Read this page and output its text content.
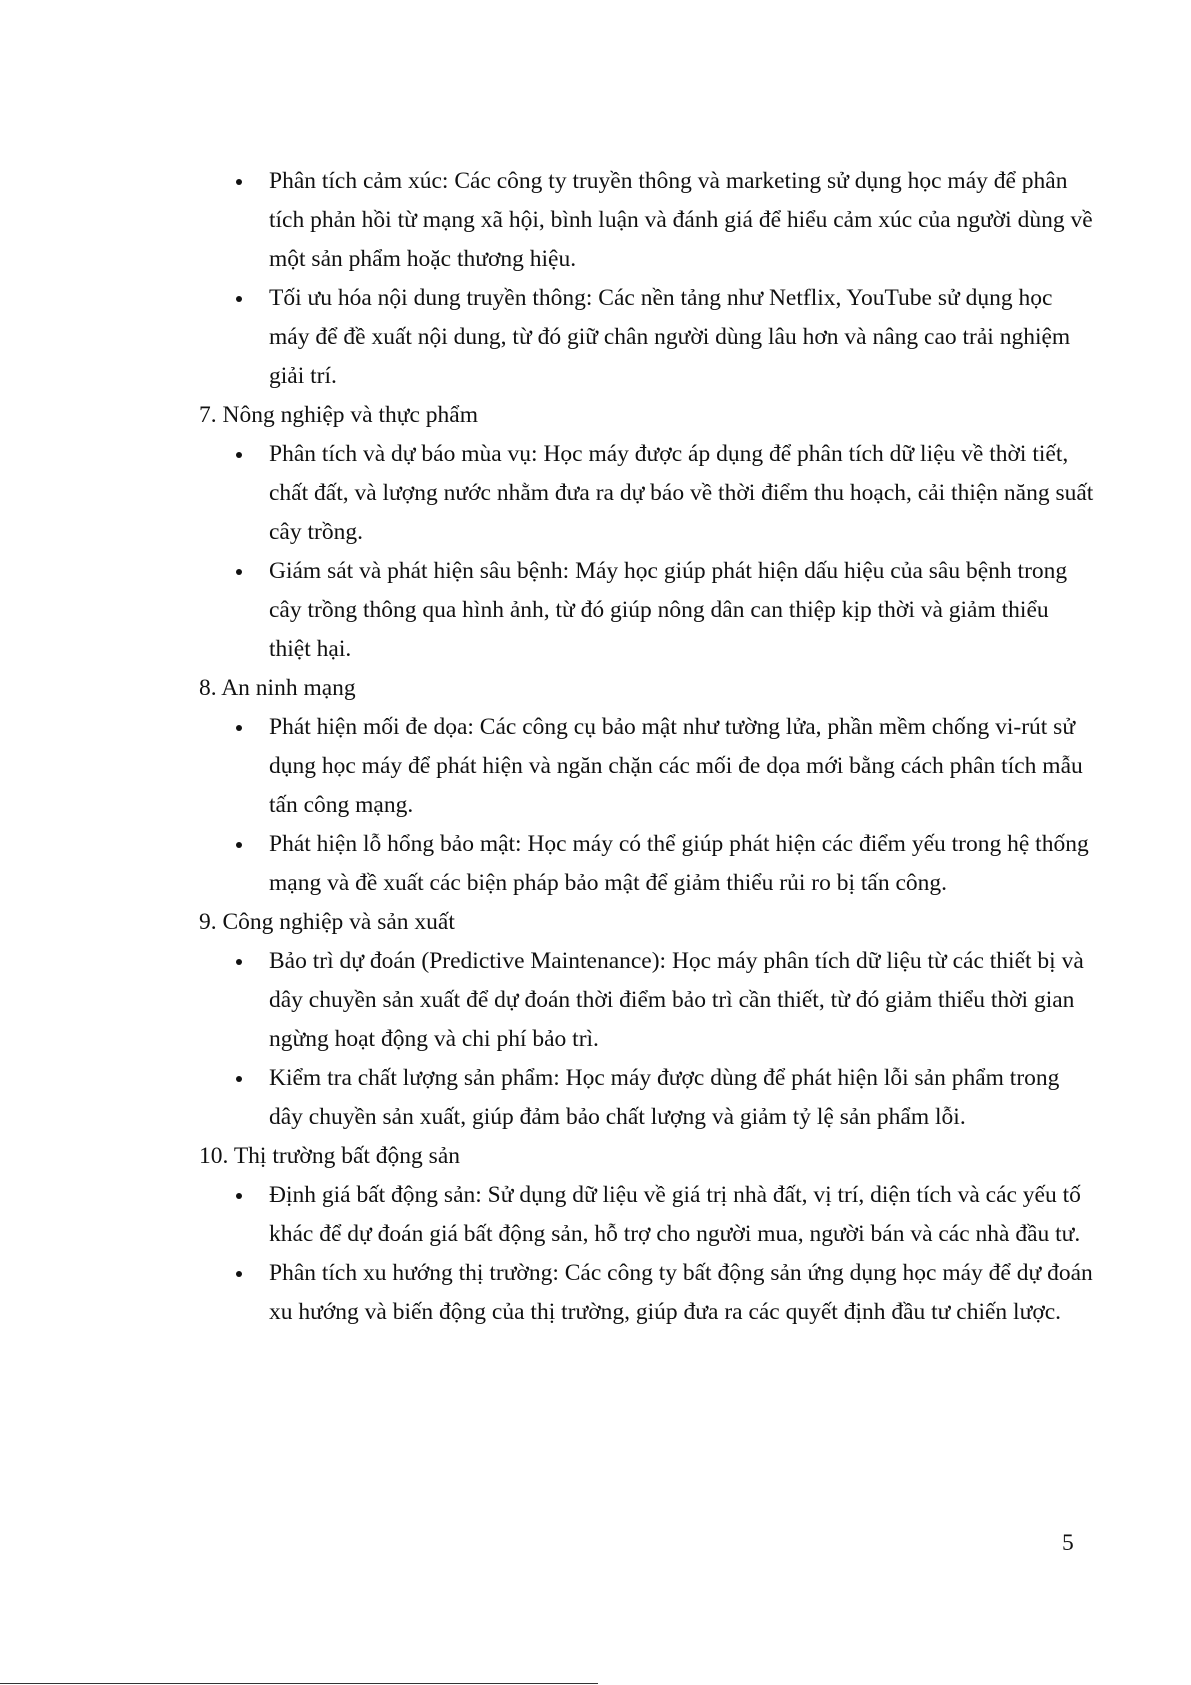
Phân tích cảm xúc: Các công ty truyền thông và marketing sử dụng học máy để phân tích phản hồi từ mạng xã hội, bình luận và đánh giá để hiểu cảm xúc của người dùng về một sản phẩm hoặc thương hiệu.
Tối ưu hóa nội dung truyền thông: Các nền tảng như Netflix, YouTube sử dụng học máy để đề xuất nội dung, từ đó giữ chân người dùng lâu hơn và nâng cao trải nghiệm giải trí.

7. Nông nghiệp và thực phẩm

Phân tích và dự báo mùa vụ: Học máy được áp dụng để phân tích dữ liệu về thời tiết, chất đất, và lượng nước nhằm đưa ra dự báo về thời điểm thu hoạch, cải thiện năng suất cây trồng.
Giám sát và phát hiện sâu bệnh: Máy học giúp phát hiện dấu hiệu của sâu bệnh trong cây trồng thông qua hình ảnh, từ đó giúp nông dân can thiệp kịp thời và giảm thiểu thiệt hại.

8. An ninh mạng

Phát hiện mối đe dọa: Các công cụ bảo mật như tường lửa, phần mềm chống vi-rút sử dụng học máy để phát hiện và ngăn chặn các mối đe dọa mới bằng cách phân tích mẫu tấn công mạng.
Phát hiện lỗ hổng bảo mật: Học máy có thể giúp phát hiện các điểm yếu trong hệ thống mạng và đề xuất các biện pháp bảo mật để giảm thiểu rủi ro bị tấn công.

9. Công nghiệp và sản xuất

Bảo trì dự đoán (Predictive Maintenance): Học máy phân tích dữ liệu từ các thiết bị và dây chuyền sản xuất để dự đoán thời điểm bảo trì cần thiết, từ đó giảm thiểu thời gian ngừng hoạt động và chi phí bảo trì.
Kiểm tra chất lượng sản phẩm: Học máy được dùng để phát hiện lỗi sản phẩm trong dây chuyền sản xuất, giúp đảm bảo chất lượng và giảm tỷ lệ sản phẩm lỗi.

10. Thị trường bất động sản

Định giá bất động sản: Sử dụng dữ liệu về giá trị nhà đất, vị trí, diện tích và các yếu tố khác để dự đoán giá bất động sản, hỗ trợ cho người mua, người bán và các nhà đầu tư.
Phân tích xu hướng thị trường: Các công ty bất động sản ứng dụng học máy để dự đoán xu hướng và biến động của thị trường, giúp đưa ra các quyết định đầu tư chiến lược.
5
